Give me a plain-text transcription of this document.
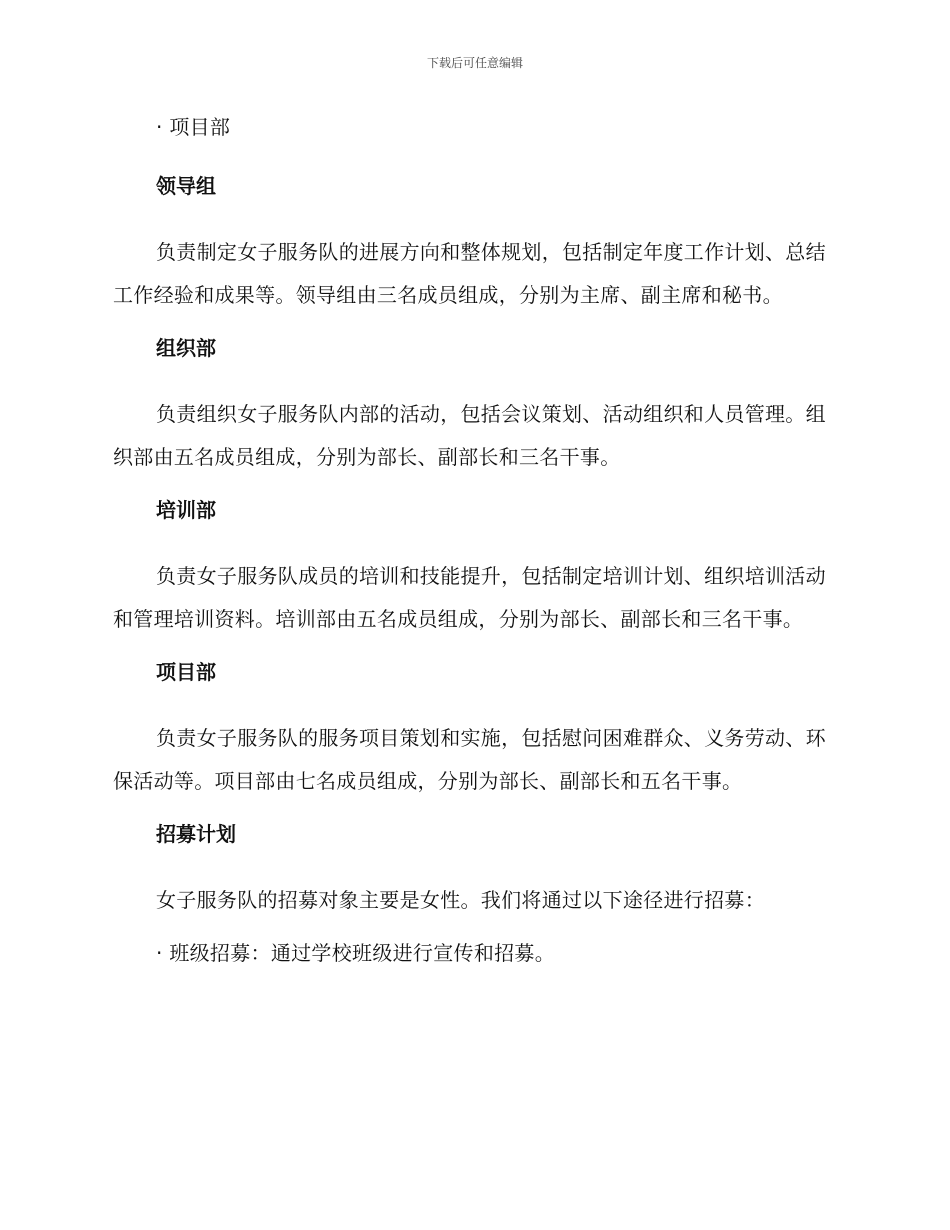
下载后可任意编辑

· 项目部

领导组

负责制定女子服务队的进展方向和整体规划，包括制定年度工作计划、总结工作经验和成果等。领导组由三名成员组成，分别为主席、副主席和秘书。

组织部

负责组织女子服务队内部的活动，包括会议策划、活动组织和人员管理。组织部由五名成员组成，分别为部长、副部长和三名干事。

培训部

负责女子服务队成员的培训和技能提升，包括制定培训计划、组织培训活动和管理培训资料。培训部由五名成员组成，分别为部长、副部长和三名干事。

项目部

负责女子服务队的服务项目策划和实施，包括慰问困难群众、义务劳动、环保活动等。项目部由七名成员组成，分别为部长、副部长和五名干事。

招募计划

女子服务队的招募对象主要是女性。我们将通过以下途径进行招募：

· 班级招募：通过学校班级进行宣传和招募。
